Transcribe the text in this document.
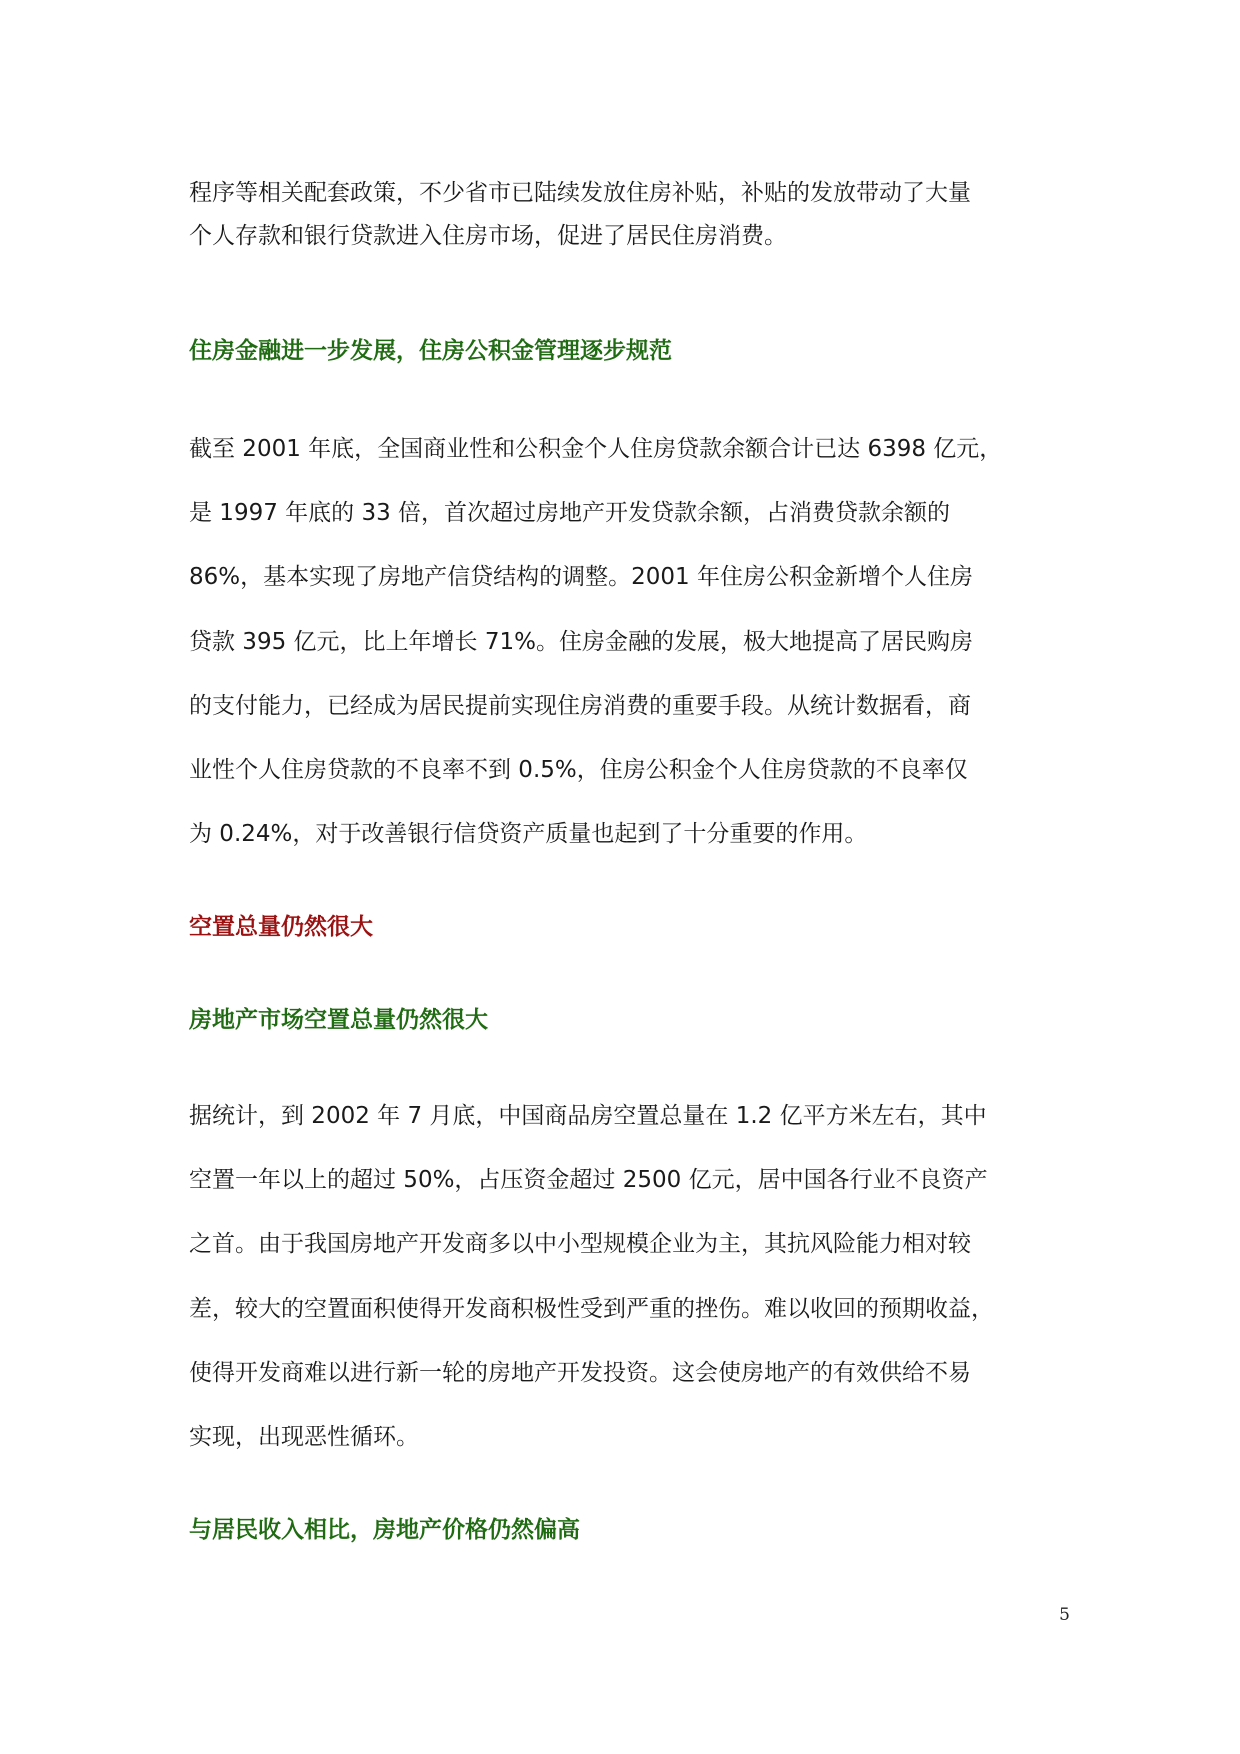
程序等相关配套政策，不少省市已陆续发放住房补贴，补贴的发放带动了大量
个人存款和银行贷款进入住房市场，促进了居民住房消费。
住房金融进一步发展，住房公积金管理逐步规范
截至 2001 年底，全国商业性和公积金个人住房贷款余额合计已达 6398 亿元，
是 1997 年底的 33 倍，首次超过房地产开发贷款余额，占消费贷款余额的
86%，基本实现了房地产信贷结构的调整。2001 年住房公积金新增个人住房
贷款 395 亿元，比上年增长 71%。住房金融的发展，极大地提高了居民购房
的支付能力，已经成为居民提前实现住房消费的重要手段。从统计数据看，商
业性个人住房贷款的不良率不到 0.5%，住房公积金个人住房贷款的不良率仅
为 0.24%，对于改善银行信贷资产质量也起到了十分重要的作用。
空置总量仍然很大
房地产市场空置总量仍然很大
据统计，到 2002 年 7 月底，中国商品房空置总量在 1.2 亿平方米左右，其中
空置一年以上的超过 50%，占压资金超过 2500 亿元，居中国各行业不良资产
之首。由于我国房地产开发商多以中小型规模企业为主，其抗风险能力相对较
差，较大的空置面积使得开发商积极性受到严重的挫伤。难以收回的预期收益，
使得开发商难以进行新一轮的房地产开发投资。这会使房地产的有效供给不易
实现，出现恶性循环。
与居民收入相比，房地产价格仍然偏高
5
